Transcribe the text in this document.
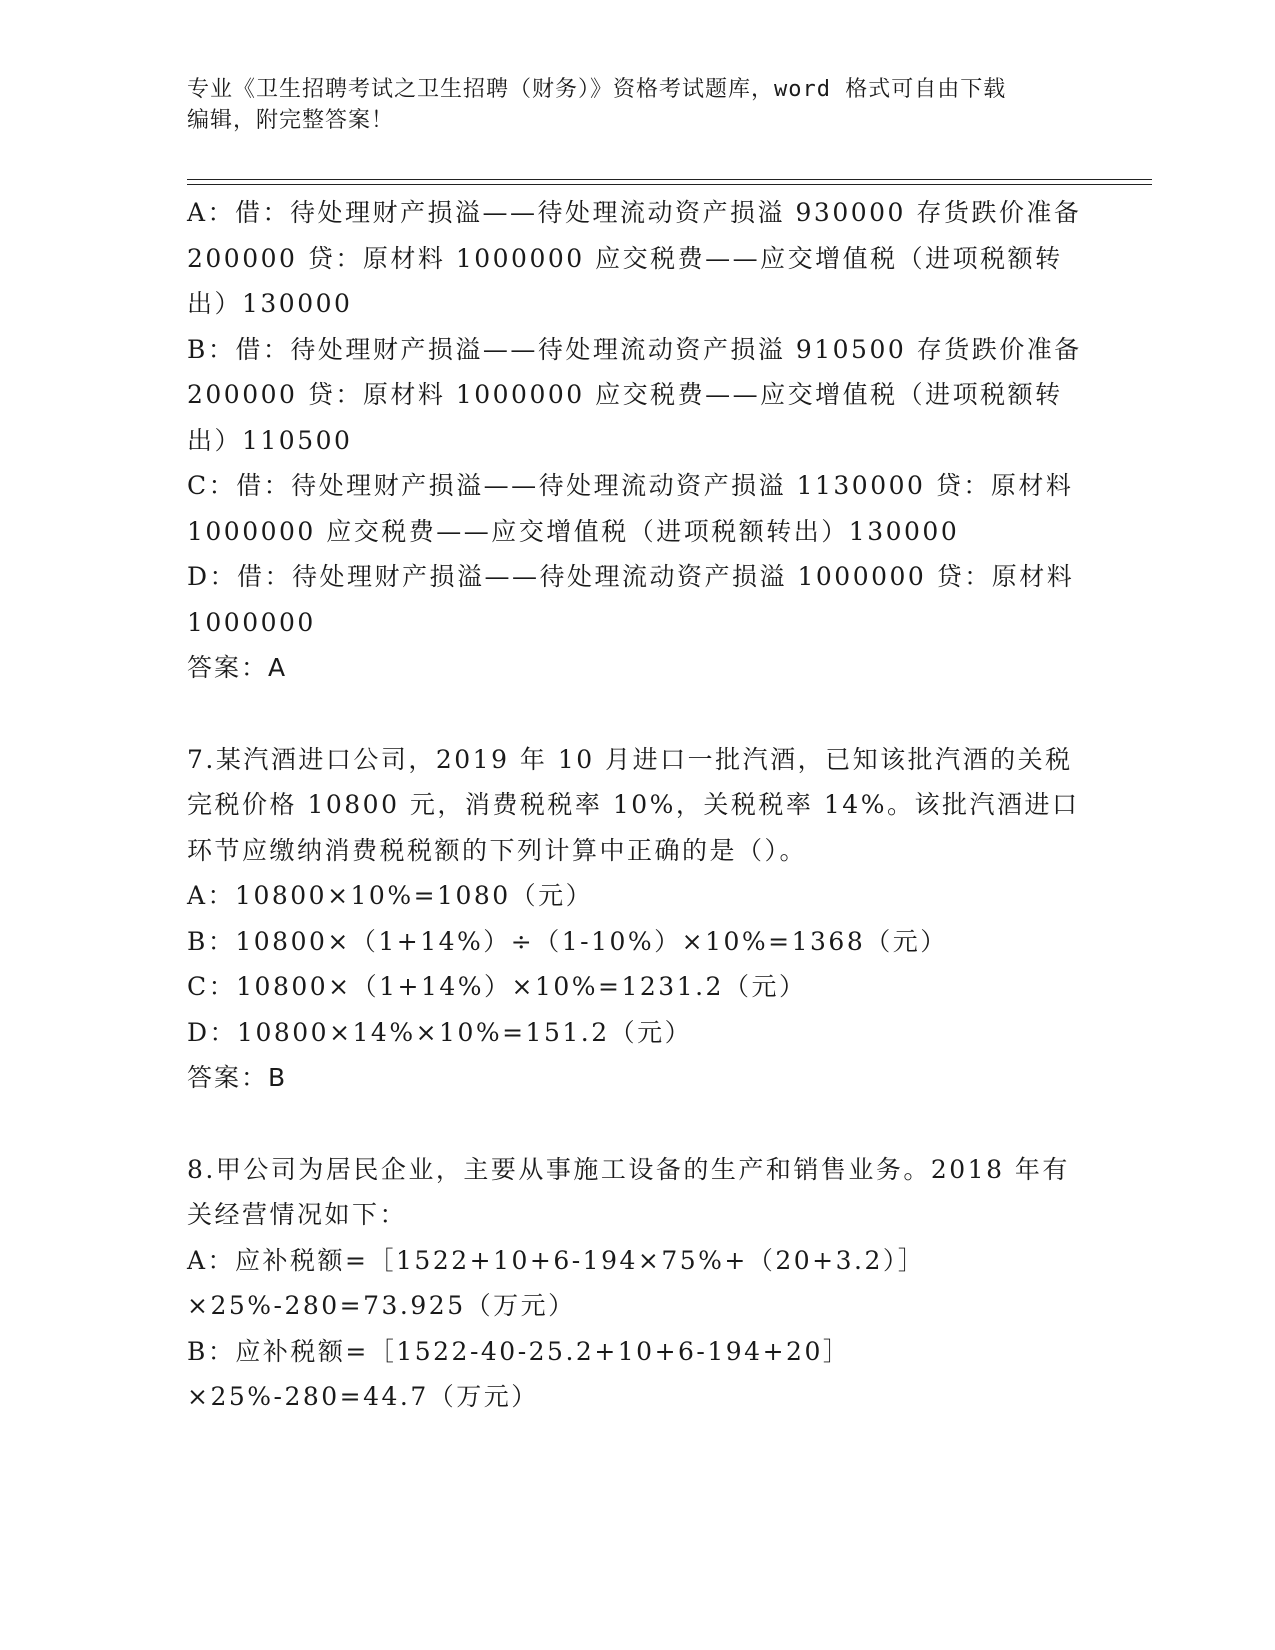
专业《卫生招聘考试之卫生招聘（财务）》资格考试题库，word 格式可自由下载
编辑，附完整答案！

A：借：待处理财产损溢——待处理流动资产损溢 930000 存货跌价准备 200000 贷：原材料 1000000 应交税费——应交增值税（进项税额转出）130000

B：借：待处理财产损溢——待处理流动资产损溢 910500 存货跌价准备 200000 贷：原材料 1000000 应交税费——应交增值税（进项税额转出）110500

C：借：待处理财产损溢——待处理流动资产损溢 1130000 贷：原材料 1000000 应交税费——应交增值税（进项税额转出）130000

D：借：待处理财产损溢——待处理流动资产损溢 1000000 贷：原材料 1000000

答案：A

7.某汽酒进口公司，2019 年 10 月进口一批汽酒，已知该批汽酒的关税完税价格 10800 元，消费税税率 10%，关税税率 14%。该批汽酒进口环节应缴纳消费税税额的下列计算中正确的是（）。

A：10800×10%=1080（元）

B：10800×（1+14%）÷（1-10%）×10%=1368（元）

C：10800×（1+14%）×10%=1231.2（元）

D：10800×14%×10%=151.2（元）

答案：B

8.甲公司为居民企业，主要从事施工设备的生产和销售业务。2018 年有关经营情况如下：

A：应补税额=［1522+10+6-194×75%+（20+3.2）］×25%-280=73.925（万元）

B：应补税额=［1522-40-25.2+10+6-194+20］×25%-280=44.7（万元）
